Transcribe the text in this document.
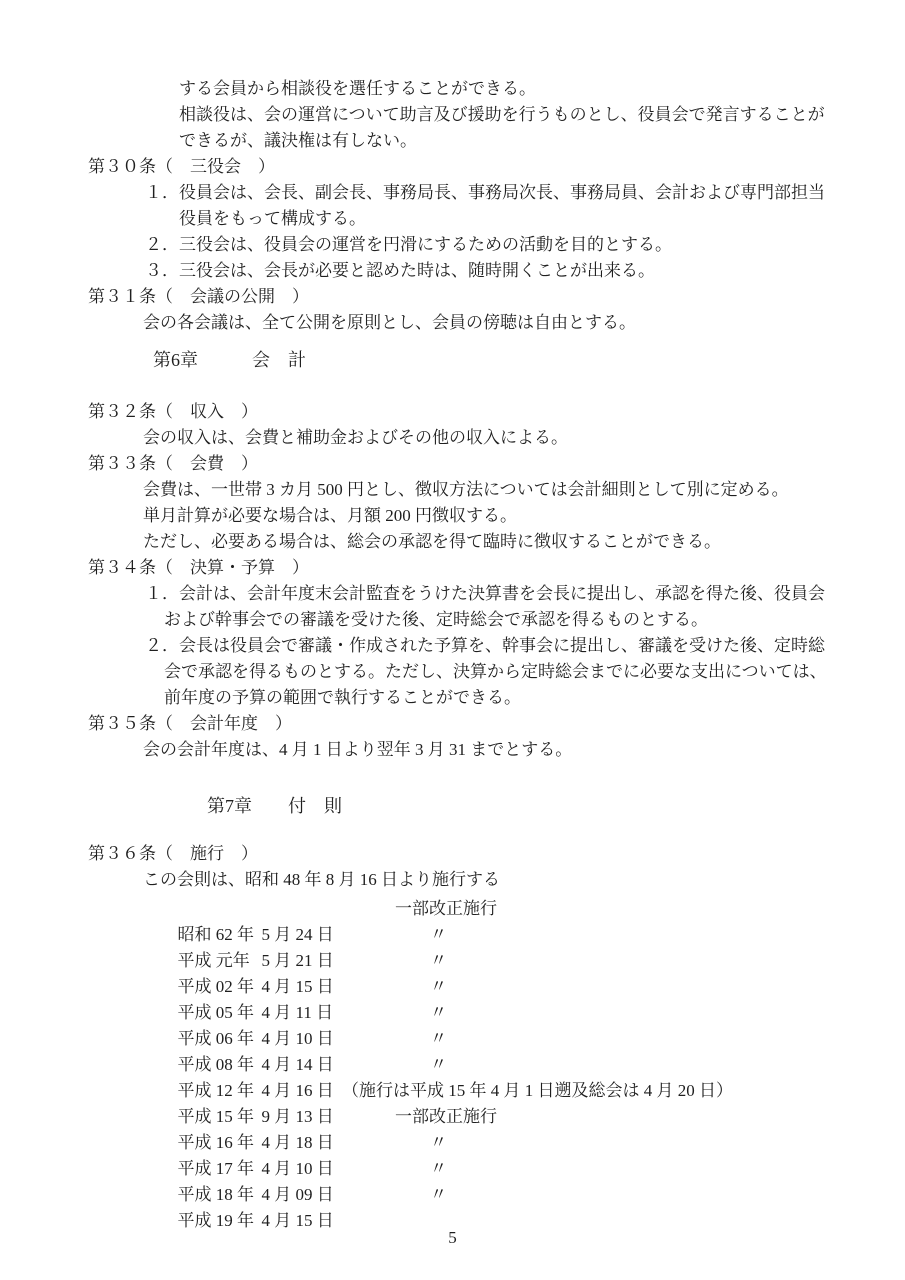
する会員から相談役を選任することができる。
相談役は、会の運営について助言及び援助を行うものとし、役員会で発言することが
できるが、議決権は有しない。
第３０条（　三役会　）
１．役員会は、会長、副会長、事務局長、事務局次長、事務局員、会計および専門部担当
役員をもって構成する。
２．三役会は、役員会の運営を円滑にするための活動を目的とする。
３．三役会は、会長が必要と認めた時は、随時開くことが出来る。
第３１条（　会議の公開　）
会の各会議は、全て公開を原則とし、会員の傍聴は自由とする。
第6章　　　会　計
第３２条（　収入　）
会の収入は、会費と補助金およびその他の収入による。
第３３条（　会費　）
会費は、一世帯 3 カ月 500 円とし、徴収方法については会計細則として別に定める。
単月計算が必要な場合は、月額 200 円徴収する。
ただし、必要ある場合は、総会の承認を得て臨時に徴収することができる。
第３４条（　決算・予算　）
１．会計は、会計年度末会計監査をうけた決算書を会長に提出し、承認を得た後、役員会
および幹事会での審議を受けた後、定時総会で承認を得るものとする。
２．会長は役員会で審議・作成された予算を、幹事会に提出し、審議を受けた後、定時総
会で承認を得るものとする。ただし、決算から定時総会までに必要な支出については、
前年度の予算の範囲で執行することができる。
第３５条（　会計年度　）
会の会計年度は、4 月 1 日より翌年 3 月 31 までとする。
第7章　　付　則
第３６条（　施行　）
この会則は、昭和 48 年 8 月 16 日より施行する

昭和 62 年 5 月 24 日

一部改正施行

平成 元年 5 月 21 日

〃

平成 02 年 4 月 15 日

〃

平成 05 年 4 月 11 日

〃

平成 06 年 4 月 10 日

〃

平成 08 年 4 月 14 日

〃

平成 12 年 4 月 16 日

〃

平成 15 年 9 月 13 日

（施行は平成 15 年 4 月 1 日遡及総会は 4 月 20 日）

平成 16 年 4 月 18 日

一部改正施行

平成 17 年 4 月 10 日

〃

平成 18 年 4 月 09 日

〃

平成 19 年 4 月 15 日

〃

5
